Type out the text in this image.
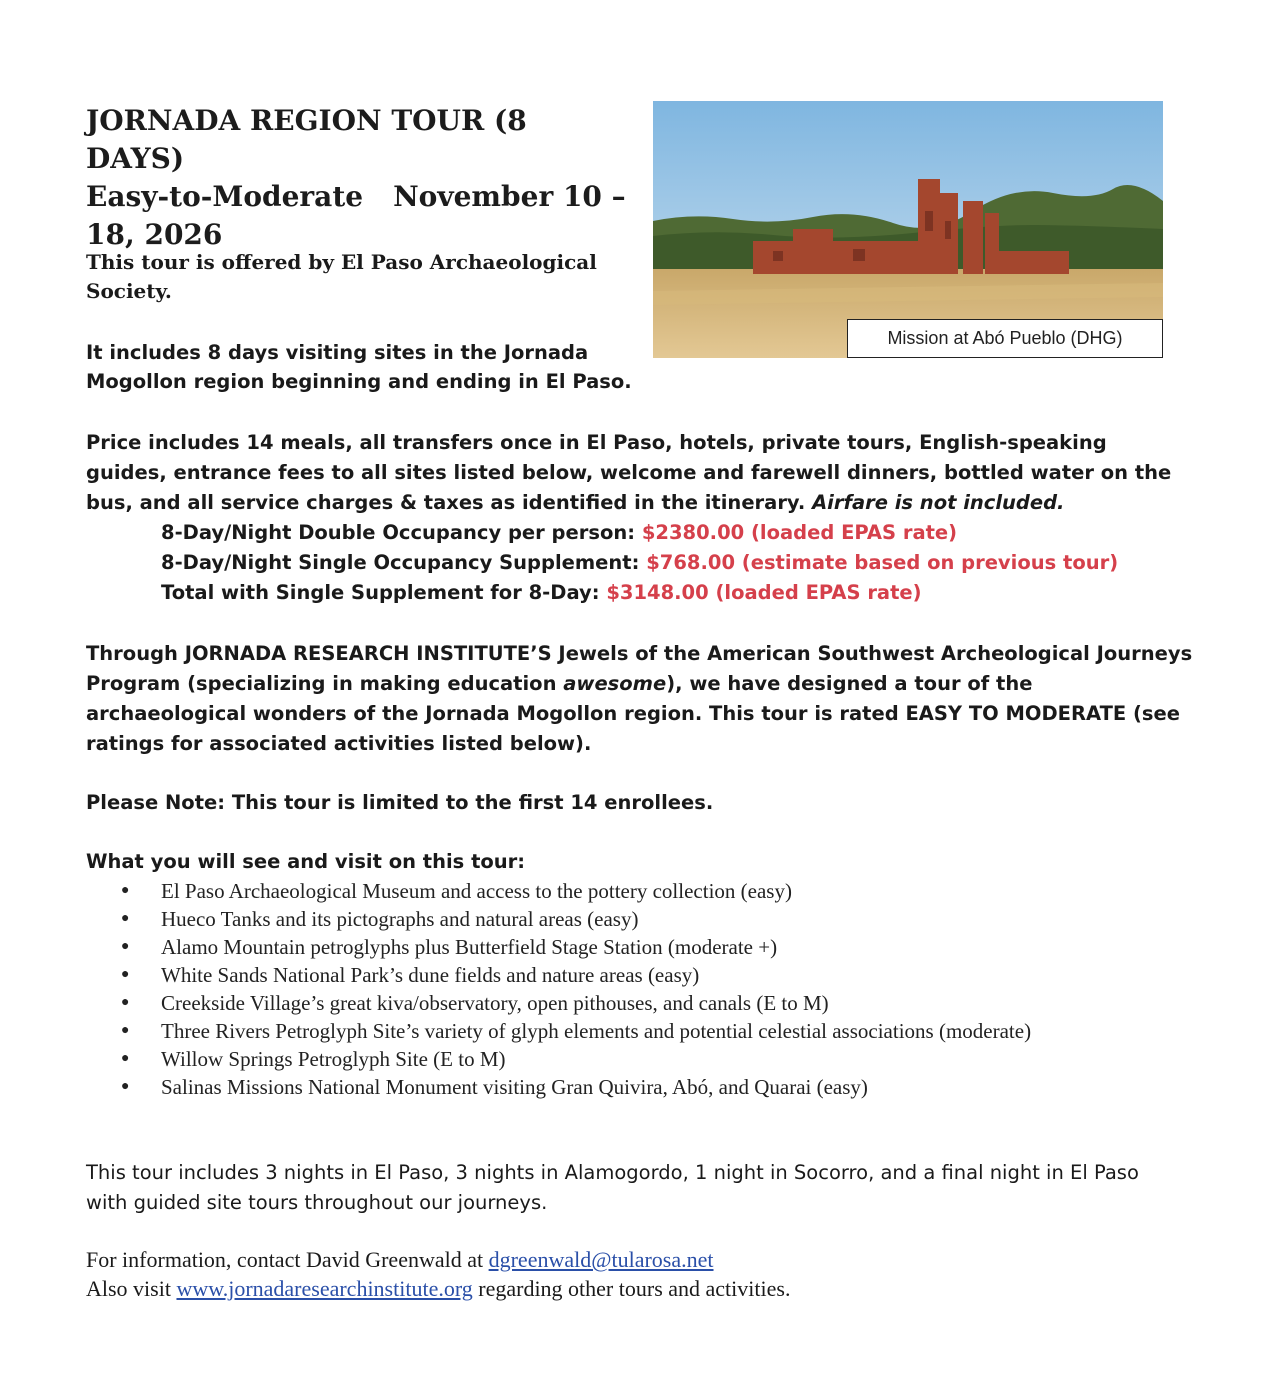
JORNADA REGION TOUR (8 DAYS)
Easy-to-Moderate November 10 –
18, 2026
This tour is offered by El Paso Archaeological Society.
It includes 8 days visiting sites in the Jornada Mogollon region beginning and ending in El Paso.
Mission at Abó Pueblo (DHG)
Price includes 14 meals, all transfers once in El Paso, hotels, private tours, English-speaking guides, entrance fees to all sites listed below, welcome and farewell dinners, bottled water on the bus, and all service charges & taxes as identified in the itinerary. Airfare is not included.
8-Day/Night Double Occupancy per person: $2380.00 (loaded EPAS rate)
8-Day/Night Single Occupancy Supplement: $768.00 (estimate based on previous tour)
Total with Single Supplement for 8-Day: $3148.00 (loaded EPAS rate)
Through JORNADA RESEARCH INSTITUTE’S Jewels of the American Southwest Archeological Journeys Program (specializing in making education awesome), we have designed a tour of the archaeological wonders of the Jornada Mogollon region. This tour is rated EASY TO MODERATE (see ratings for associated activities listed below).
Please Note: This tour is limited to the first 14 enrollees.
What you will see and visit on this tour:
● El Paso Archaeological Museum and access to the pottery collection (easy)
● Hueco Tanks and its pictographs and natural areas (easy)
● Alamo Mountain petroglyphs plus Butterfield Stage Station (moderate +)
● White Sands National Park’s dune fields and nature areas (easy)
● Creekside Village’s great kiva/observatory, open pithouses, and canals (E to M)
● Three Rivers Petroglyph Site’s variety of glyph elements and potential celestial associations (moderate)
● Willow Springs Petroglyph Site (E to M)
● Salinas Missions National Monument visiting Gran Quivira, Abó, and Quarai (easy)
This tour includes 3 nights in El Paso, 3 nights in Alamogordo, 1 night in Socorro, and a final night in El Paso with guided site tours throughout our journeys.
For information, contact David Greenwald at dgreenwald@tularosa.net
Also visit www.jornadaresearchinstitute.org regarding other tours and activities.
